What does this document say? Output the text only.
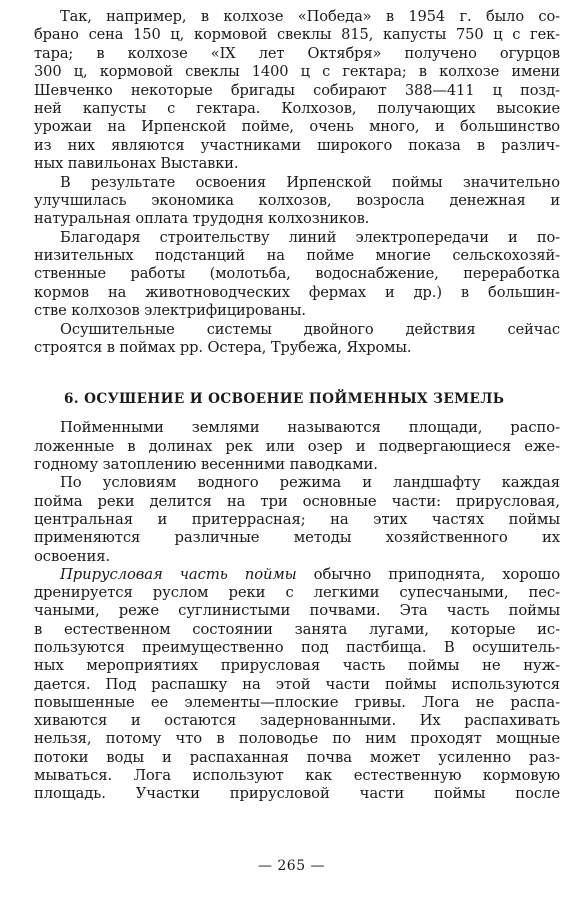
Так, например, в колхозе «Победа» в 1954 г. было со-
брано сена 150 ц, кормовой свеклы 815, капусты 750 ц с гек-
тара; в колхозе «IX лет Октября» получено огурцов
300 ц, кормовой свеклы 1400 ц с гектара; в колхозе имени
Шевченко некоторые бригады собирают 388—411 ц позд-
ней капусты с гектара. Колхозов, получающих высокие
урожаи на Ирпенской пойме, очень много, и большинство
из них являются участниками широкого показа в различ-
ных павильонах Выставки.
В результате освоения Ирпенской поймы значительно
улучшилась экономика колхозов, возросла денежная и
натуральная оплата трудодня колхозников.
Благодаря строительству линий электропередачи и по-
низительных подстанций на пойме многие сельскохозяй-
ственные работы (молотьба, водоснабжение, переработка
кормов на животноводческих фермах и др.) в большин-
стве колхозов электрифицированы.
Осушительные системы двойного действия сейчас
строятся в поймах рр. Остера, Трубежа, Яхромы.
6. ОСУШЕНИЕ И ОСВОЕНИЕ ПОЙМЕННЫХ ЗЕМЕЛЬ
Пойменными землями называются площади, распо-
ложенные в долинах рек или озер и подвергающиеся еже-
годному затоплению весенними паводками.
По условиям водного режима и ландшафту каждая
пойма реки делится на три основные части: прирусловая,
центральная и притеррасная; на этих частях поймы
применяются различные методы хозяйственного их
освоения.
Прирусловая часть поймы обычно приподнята, хорошо
дренируется руслом реки с легкими супесчаными, пес-
чаными, реже суглинистыми почвами. Эта часть поймы
в естественном состоянии занята лугами, которые ис-
пользуются преимущественно под пастбища. В осушитель-
ных мероприятиях прирусловая часть поймы не нуж-
дается. Под распашку на этой части поймы используются
повышенные ее элементы—плоские гривы. Лога не распа-
хиваются и остаются задернованными. Их распахивать
нельзя, потому что в половодье по ним проходят мощные
потоки воды и распаханная почва может усиленно раз-
мываться. Лога используют как естественную кормовую
площадь. Участки прирусловой части поймы после
— 265 —
